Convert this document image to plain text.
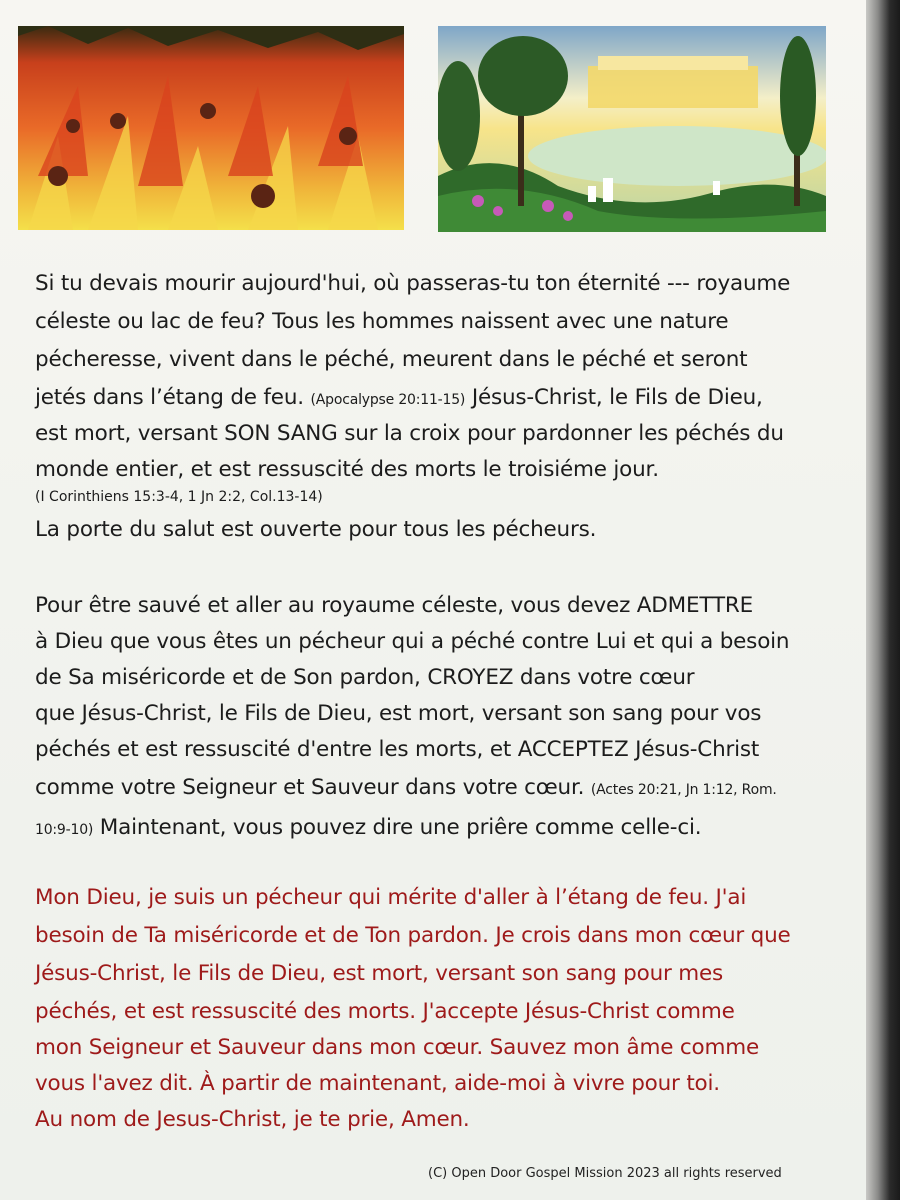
Si tu devais mourir aujourd'hui, où passeras-tu ton éternité --- royaume
céleste ou lac de feu? Tous les hommes naissent avec une nature
pécheresse, vivent dans le péché, meurent dans le péché et seront
jetés dans l’étang de feu. (Apocalypse 20:11-15) Jésus-Christ, le Fils de Dieu,
est mort, versant SON SANG sur la croix pour pardonner les péchés du
monde entier, et est ressuscité des morts le troisiéme jour.
(I Corinthiens 15:3-4, 1 Jn 2:2, Col.13-14)
La porte du salut est ouverte pour tous les pécheurs.
Pour être sauvé et aller au royaume céleste, vous devez ADMETTRE
à Dieu que vous êtes un pécheur qui a péché contre Lui et qui a besoin
de Sa miséricorde et de Son pardon, CROYEZ dans votre cœur
que Jésus-Christ, le Fils de Dieu, est mort, versant son sang pour vos
péchés et est ressuscité d'entre les morts, et ACCEPTEZ Jésus-Christ
comme votre Seigneur et Sauveur dans votre cœur. (Actes 20:21, Jn 1:12, Rom.
10:9-10) Maintenant, vous pouvez dire une priêre comme celle-ci.
Mon Dieu, je suis un pécheur qui mérite d'aller à l’étang de feu. J'ai
besoin de Ta miséricorde et de Ton pardon. Je crois dans mon cœur que
Jésus-Christ, le Fils de Dieu, est mort, versant son sang pour mes
péchés, et est ressuscité des morts. J'accepte Jésus-Christ comme
mon Seigneur et Sauveur dans mon cœur. Sauvez mon âme comme
vous l'avez dit. À partir de maintenant, aide-moi à vivre pour toi.
Au nom de Jesus-Christ, je te prie, Amen.
(C) Open Door Gospel Mission 2023 all rights reserved
